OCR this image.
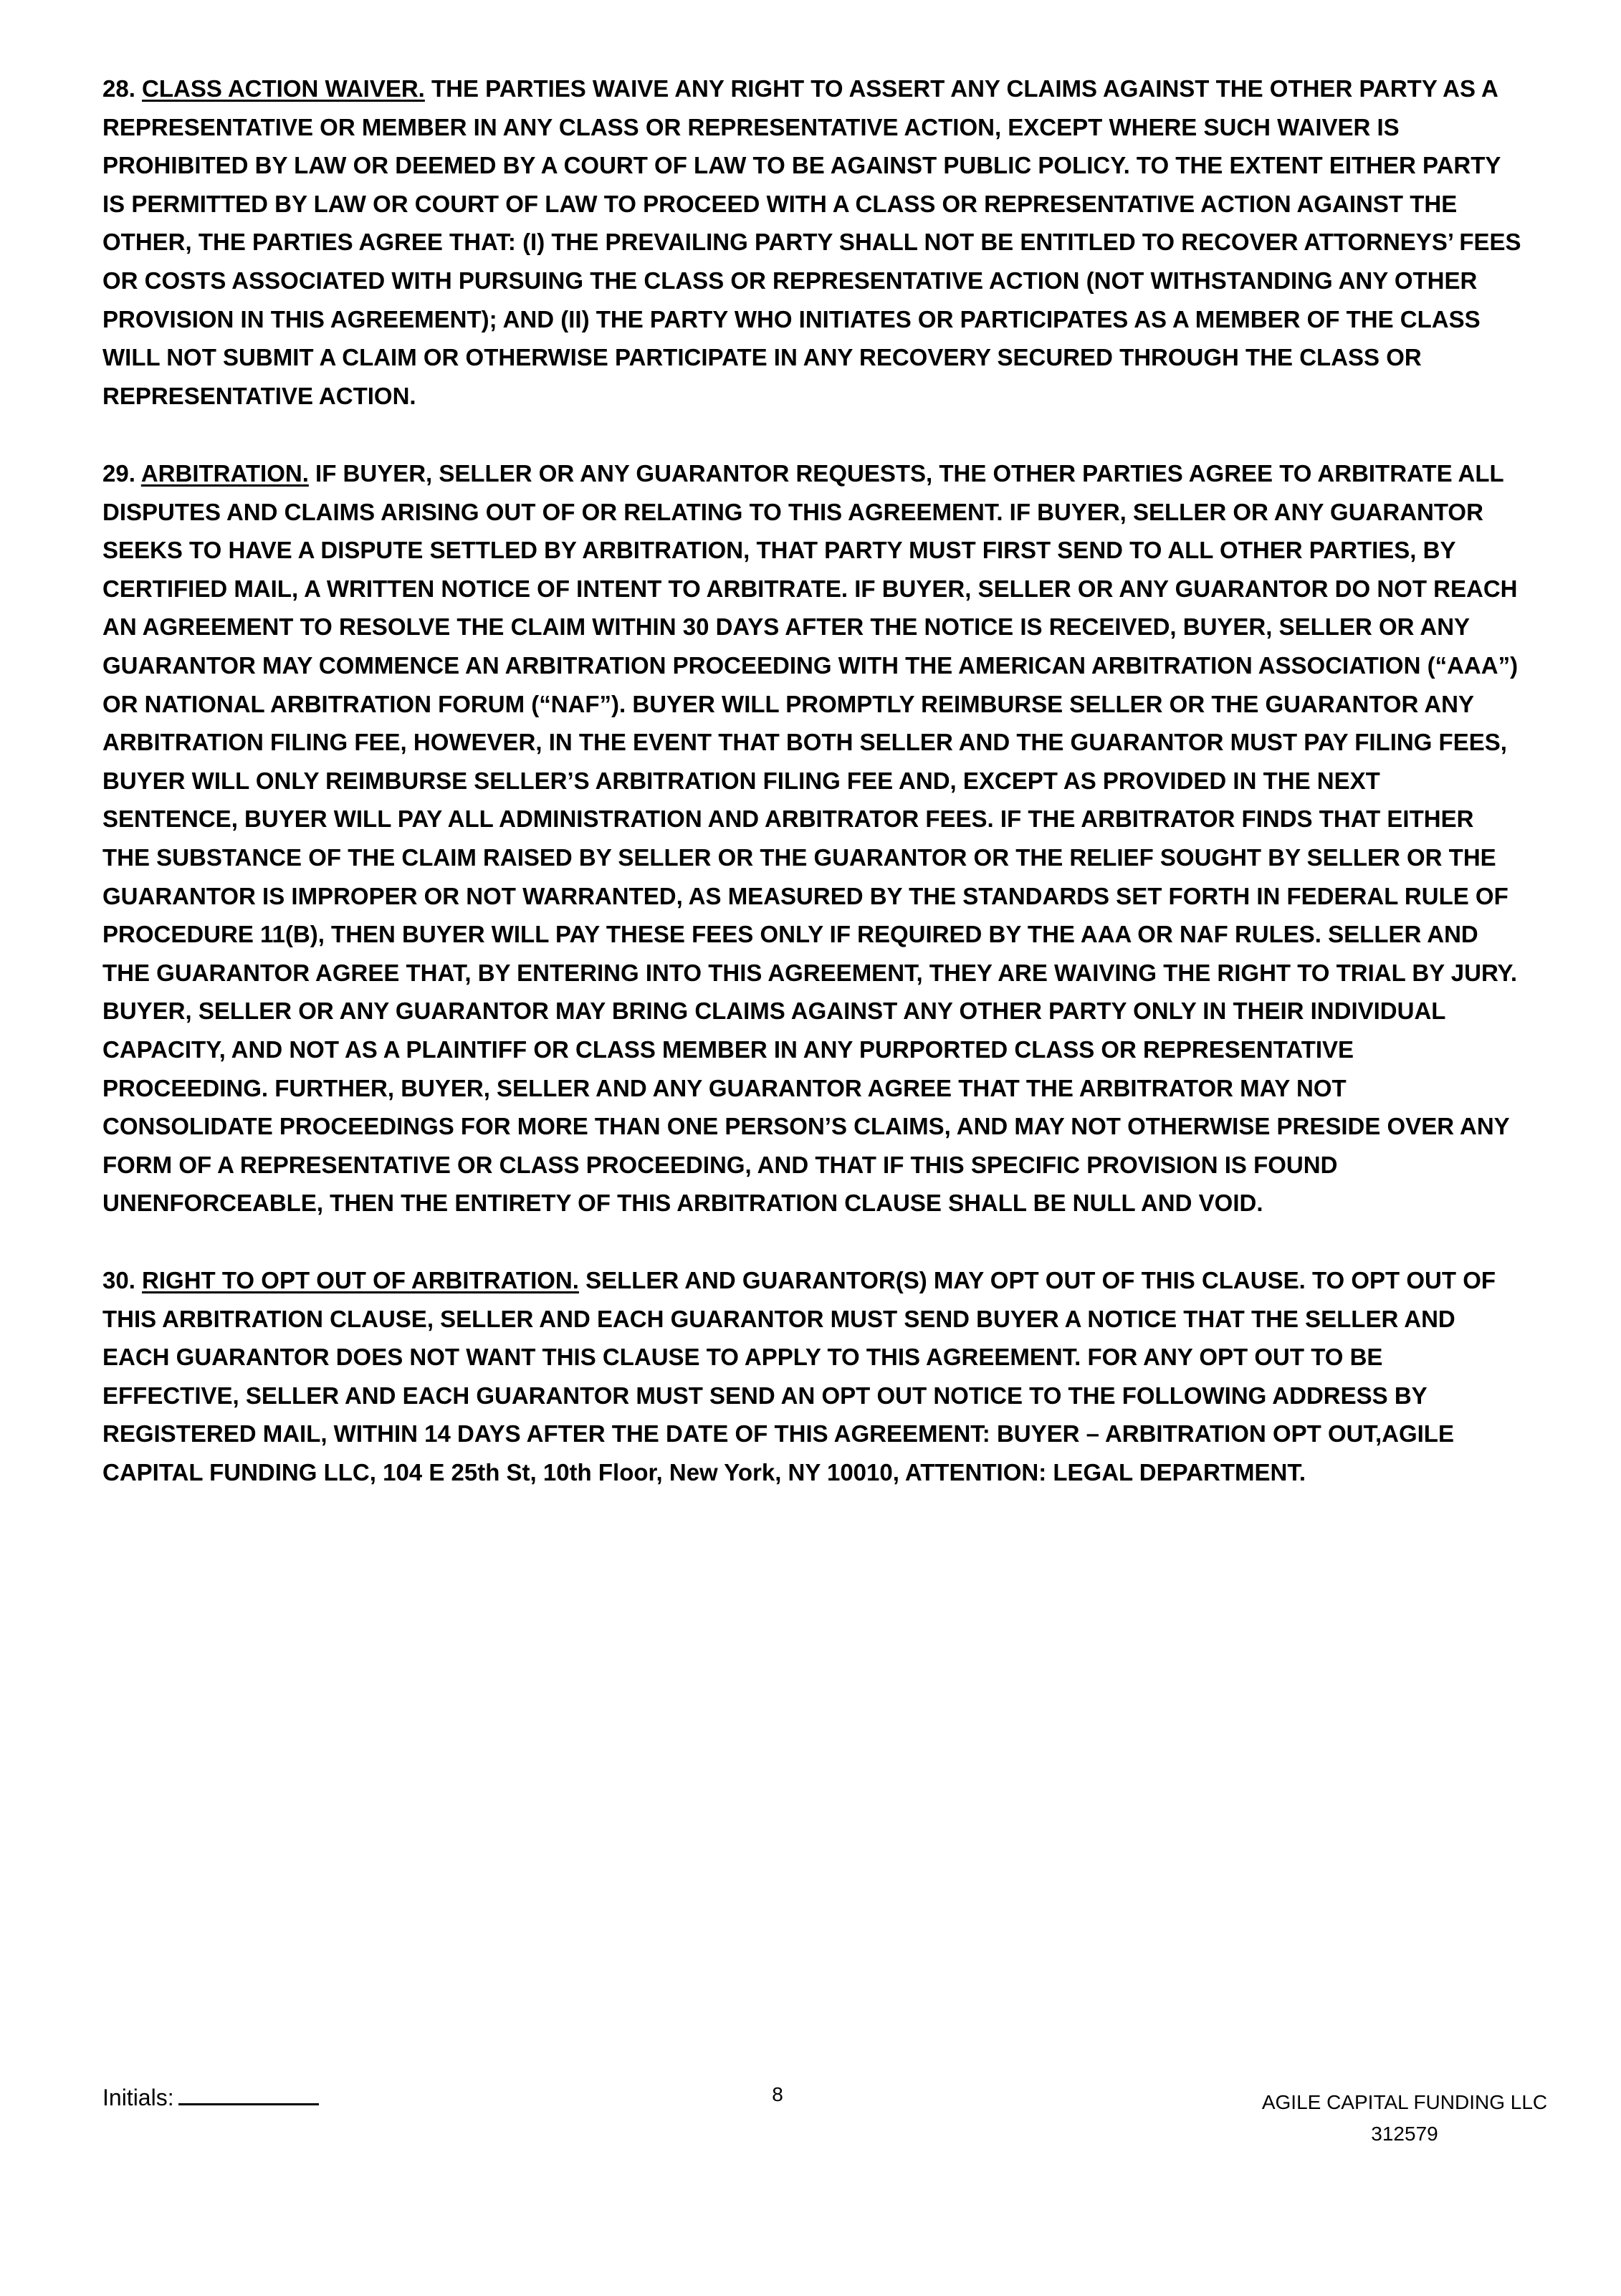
28. CLASS ACTION WAIVER. THE PARTIES WAIVE ANY RIGHT TO ASSERT ANY CLAIMS AGAINST THE OTHER PARTY AS A REPRESENTATIVE OR MEMBER IN ANY CLASS OR REPRESENTATIVE ACTION, EXCEPT WHERE SUCH WAIVER IS PROHIBITED BY LAW OR DEEMED BY A COURT OF LAW TO BE AGAINST PUBLIC POLICY. TO THE EXTENT EITHER PARTY IS PERMITTED BY LAW OR COURT OF LAW TO PROCEED WITH A CLASS OR REPRESENTATIVE ACTION AGAINST THE OTHER, THE PARTIES AGREE THAT: (I) THE PREVAILING PARTY SHALL NOT BE ENTITLED TO RECOVER ATTORNEYS’ FEES OR COSTS ASSOCIATED WITH PURSUING THE CLASS OR REPRESENTATIVE ACTION (NOT WITHSTANDING ANY OTHER PROVISION IN THIS AGREEMENT); AND (II) THE PARTY WHO INITIATES OR PARTICIPATES AS A MEMBER OF THE CLASS WILL NOT SUBMIT A CLAIM OR OTHERWISE PARTICIPATE IN ANY RECOVERY SECURED THROUGH THE CLASS OR REPRESENTATIVE ACTION.

29. ARBITRATION. IF BUYER, SELLER OR ANY GUARANTOR REQUESTS, THE OTHER PARTIES AGREE TO ARBITRATE ALL DISPUTES AND CLAIMS ARISING OUT OF OR RELATING TO THIS AGREEMENT. IF BUYER, SELLER OR ANY GUARANTOR SEEKS TO HAVE A DISPUTE SETTLED BY ARBITRATION, THAT PARTY MUST FIRST SEND TO ALL OTHER PARTIES, BY CERTIFIED MAIL, A WRITTEN NOTICE OF INTENT TO ARBITRATE. IF BUYER, SELLER OR ANY GUARANTOR DO NOT REACH AN AGREEMENT TO RESOLVE THE CLAIM WITHIN 30 DAYS AFTER THE NOTICE IS RECEIVED, BUYER, SELLER OR ANY GUARANTOR MAY COMMENCE AN ARBITRATION PROCEEDING WITH THE AMERICAN ARBITRATION ASSOCIATION (“AAA”) OR NATIONAL ARBITRATION FORUM (“NAF”). BUYER WILL PROMPTLY REIMBURSE SELLER OR THE GUARANTOR ANY ARBITRATION FILING FEE, HOWEVER, IN THE EVENT THAT BOTH SELLER AND THE GUARANTOR MUST PAY FILING FEES, BUYER WILL ONLY REIMBURSE SELLER’S ARBITRATION FILING FEE AND, EXCEPT AS PROVIDED IN THE NEXT SENTENCE, BUYER WILL PAY ALL ADMINISTRATION AND ARBITRATOR FEES. IF THE ARBITRATOR FINDS THAT EITHER THE SUBSTANCE OF THE CLAIM RAISED BY SELLER OR THE GUARANTOR OR THE RELIEF SOUGHT BY SELLER OR THE GUARANTOR IS IMPROPER OR NOT WARRANTED, AS MEASURED BY THE STANDARDS SET FORTH IN FEDERAL RULE OF PROCEDURE 11(B), THEN BUYER WILL PAY THESE FEES ONLY IF REQUIRED BY THE AAA OR NAF RULES. SELLER AND THE GUARANTOR AGREE THAT, BY ENTERING INTO THIS AGREEMENT, THEY ARE WAIVING THE RIGHT TO TRIAL BY JURY. BUYER, SELLER OR ANY GUARANTOR MAY BRING CLAIMS AGAINST ANY OTHER PARTY ONLY IN THEIR INDIVIDUAL CAPACITY, AND NOT AS A PLAINTIFF OR CLASS MEMBER IN ANY PURPORTED CLASS OR REPRESENTATIVE PROCEEDING. FURTHER, BUYER, SELLER AND ANY GUARANTOR AGREE THAT THE ARBITRATOR MAY NOT CONSOLIDATE PROCEEDINGS FOR MORE THAN ONE PERSON’S CLAIMS, AND MAY NOT OTHERWISE PRESIDE OVER ANY FORM OF A REPRESENTATIVE OR CLASS PROCEEDING, AND THAT IF THIS SPECIFIC PROVISION IS FOUND UNENFORCEABLE, THEN THE ENTIRETY OF THIS ARBITRATION CLAUSE SHALL BE NULL AND VOID.

30. RIGHT TO OPT OUT OF ARBITRATION. SELLER AND GUARANTOR(S) MAY OPT OUT OF THIS CLAUSE. TO OPT OUT OF THIS ARBITRATION CLAUSE, SELLER AND EACH GUARANTOR MUST SEND BUYER A NOTICE THAT THE SELLER AND EACH GUARANTOR DOES NOT WANT THIS CLAUSE TO APPLY TO THIS AGREEMENT. FOR ANY OPT OUT TO BE EFFECTIVE, SELLER AND EACH GUARANTOR MUST SEND AN OPT OUT NOTICE TO THE FOLLOWING ADDRESS BY REGISTERED MAIL, WITHIN 14 DAYS AFTER THE DATE OF THIS AGREEMENT: BUYER – ARBITRATION OPT OUT,AGILE CAPITAL FUNDING LLC, 104 E 25th St, 10th Floor, New York, NY 10010, ATTENTION: LEGAL DEPARTMENT.

Initials:	8	AGILE CAPITAL FUNDING LLC
312579
